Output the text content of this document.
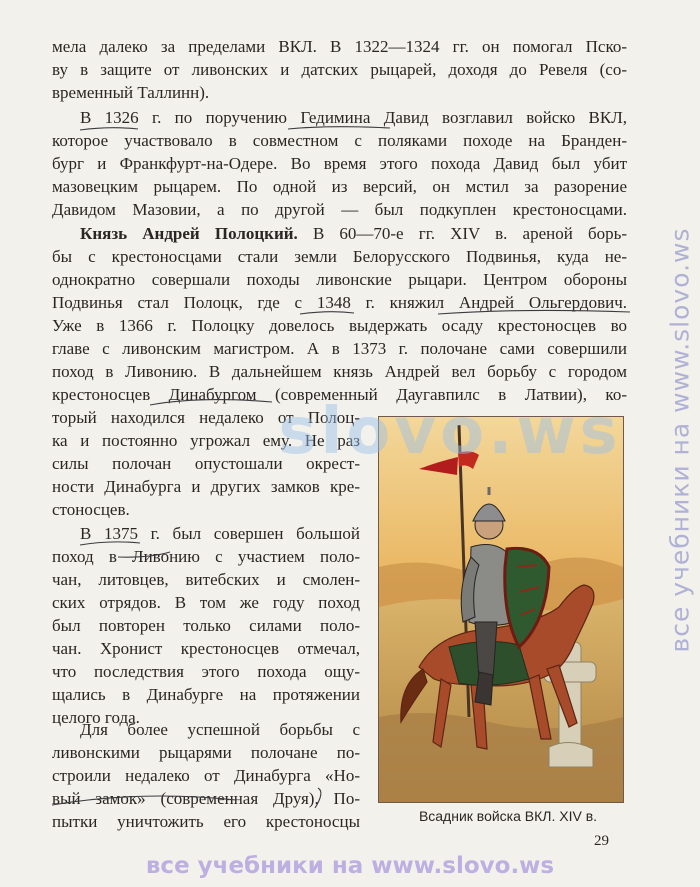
мела далеко за пределами ВКЛ. В 1322—1324 гг. он помогал Пско-
ву в защите от ливонских и датских рыцарей, доходя до Ревеля (со-
временный Таллинн).
В 1326 г. по поручению Гедимина Давид возглавил войско ВКЛ,
которое участвовало в совместном с поляками походе на Бранден-
бург и Франкфурт-на-Одере. Во время этого похода Давид был убит
мазовецким рыцарем. По одной из версий, он мстил за разорение
Давидом Мазовии, а по другой — был подкуплен крестоносцами.
Князь Андрей Полоцкий. В 60—70-е гг. XIV в. ареной борь-
бы с крестоносцами стали земли Белорусского Подвинья, куда не-
однократно совершали походы ливонские рыцари. Центром обороны
Подвинья стал Полоцк, где с 1348 г. княжил Андрей Ольгердович.
Уже в 1366 г. Полоцку довелось выдержать осаду крестоносцев во
главе с ливонским магистром. А в 1373 г. полочане сами совершили
поход в Ливонию. В дальнейшем князь Андрей вел борьбу с городом
крестоносцев Динабургом (современный Даугавпилс в Латвии), ко-
торый находился недалеко от Полоц-
ка и постоянно угрожал ему. Не раз
силы полочан опустошали окрест-
ности Динабурга и других замков кре-
стоносцев.
В 1375 г. был совершен большой
поход в Ливонию с участием поло-
чан, литовцев, витебских и смолен-
ских отрядов. В том же году поход
был повторен только силами поло-
чан. Хронист крестоносцев отмечал,
что последствия этого похода ощу-
щались в Динабурге на протяжении
целого года.
Для более успешной борьбы с
ливонскими рыцарями полочане по-
строили недалеко от Динабурга «Но-
вый замок» (современная Друя). По-
пытки уничтожить его крестоносцы	Всадник войска ВКЛ. XIV в.
29
slovo.ws	все учебники на www.slovo.ws
все учебники на www.slovo.ws
